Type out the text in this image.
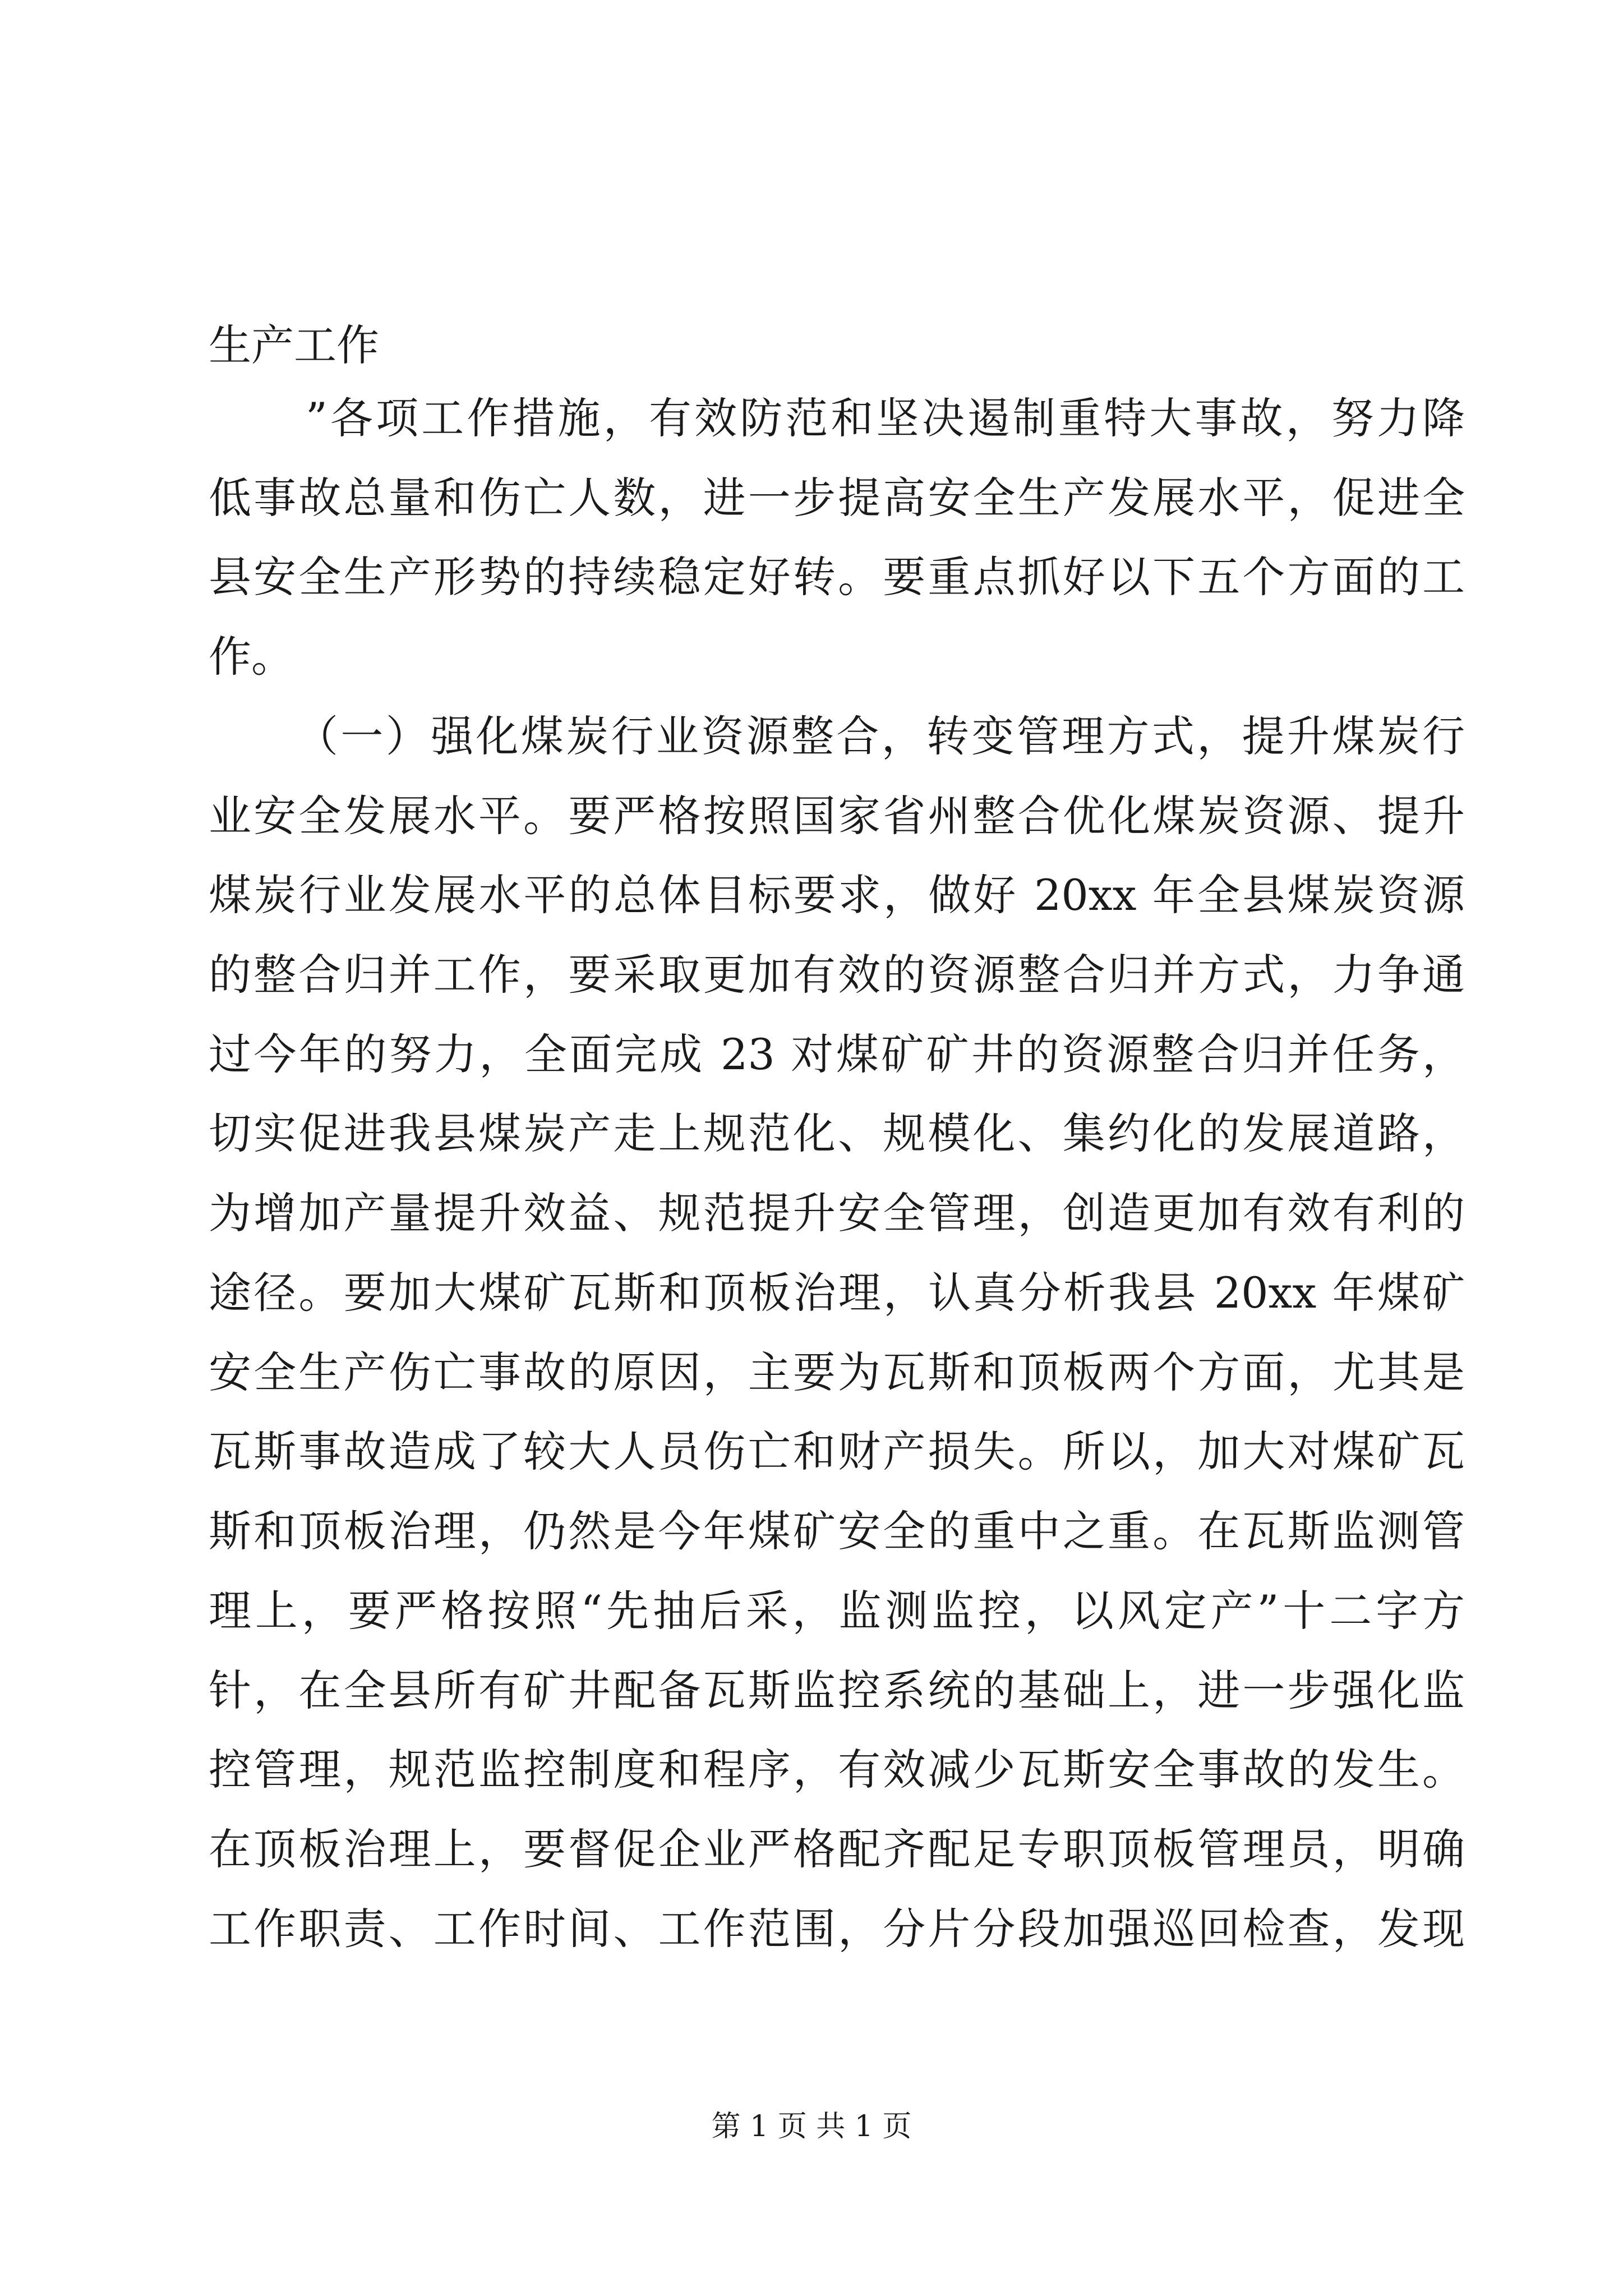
生产工作

”各项工作措施，有效防范和坚决遏制重特大事故，努力降

低事故总量和伤亡人数，进一步提高安全生产发展水平，促进全

县安全生产形势的持续稳定好转。要重点抓好以下五个方面的工

作。

（一）强化煤炭行业资源整合，转变管理方式，提升煤炭行

业安全发展水平。要严格按照国家省州整合优化煤炭资源、提升

煤炭行业发展水平的总体目标要求，做好 20xx 年全县煤炭资源

的整合归并工作，要采取更加有效的资源整合归并方式，力争通

过今年的努力，全面完成 23 对煤矿矿井的资源整合归并任务，

切实促进我县煤炭产走上规范化、规模化、集约化的发展道路，

为增加产量提升效益、规范提升安全管理，创造更加有效有利的

途径。要加大煤矿瓦斯和顶板治理，认真分析我县 20xx 年煤矿

安全生产伤亡事故的原因，主要为瓦斯和顶板两个方面，尤其是

瓦斯事故造成了较大人员伤亡和财产损失。所以，加大对煤矿瓦

斯和顶板治理，仍然是今年煤矿安全的重中之重。在瓦斯监测管

理上，要严格按照“先抽后采，监测监控，以风定产”十二字方

针，在全县所有矿井配备瓦斯监控系统的基础上，进一步强化监

控管理，规范监控制度和程序，有效减少瓦斯安全事故的发生。

在顶板治理上，要督促企业严格配齐配足专职顶板管理员，明确

工作职责、工作时间、工作范围，分片分段加强巡回检查，发现

第 1 页 共 1 页
